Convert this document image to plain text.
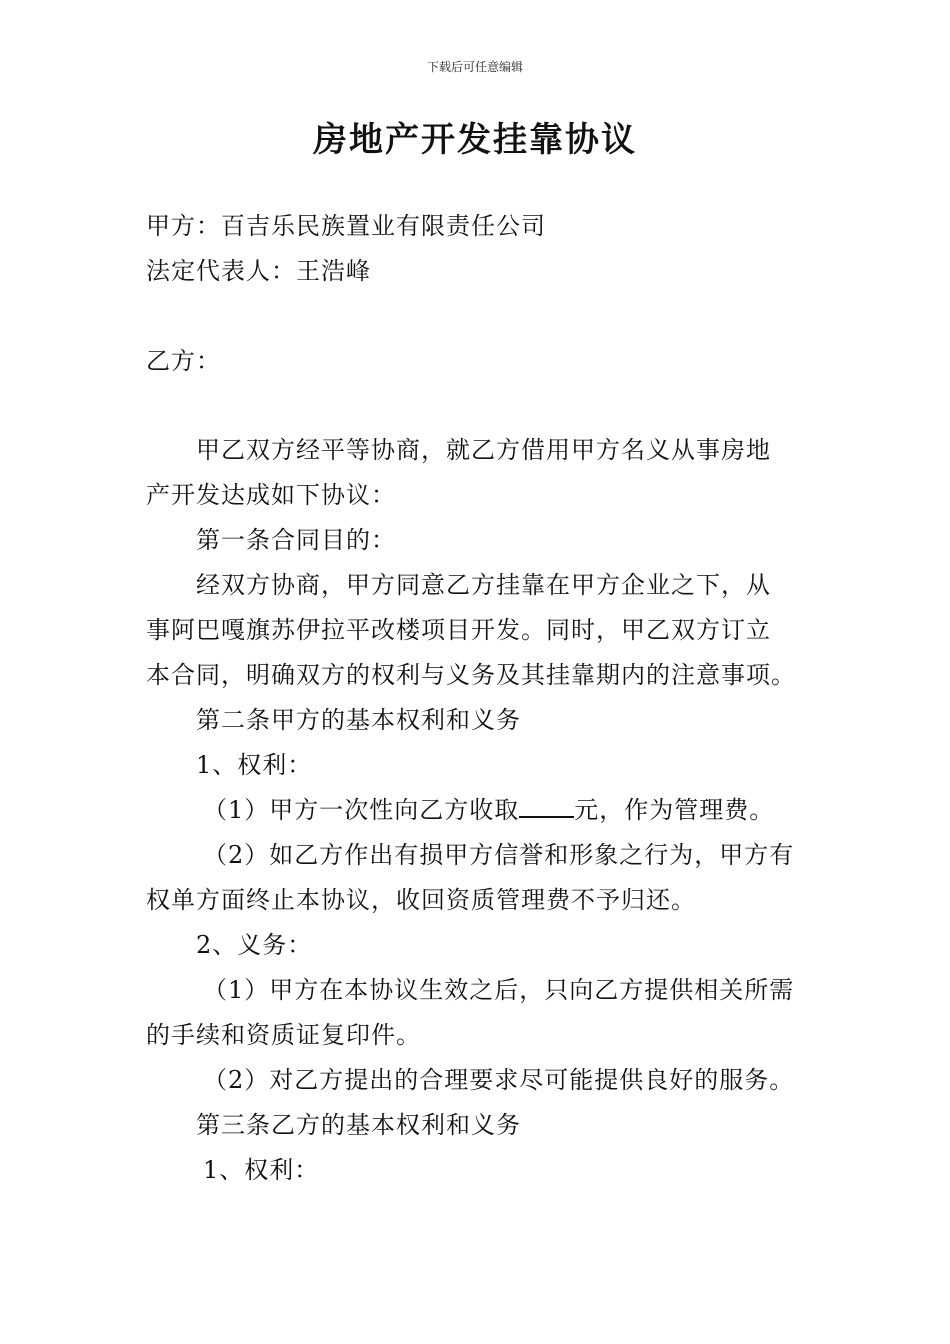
下载后可任意编辑
房地产开发挂靠协议
甲方：百吉乐民族置业有限责任公司
法定代表人：王浩峰
乙方：
甲乙双方经平等协商，就乙方借用甲方名义从事房地
产开发达成如下协议：
第一条合同目的：
经双方协商，甲方同意乙方挂靠在甲方企业之下，从
事阿巴嘎旗苏伊拉平改楼项目开发。同时，甲乙双方订立
本合同，明确双方的权利与义务及其挂靠期内的注意事项。
第二条甲方的基本权利和义务
1、权利：
（1）甲方一次性向乙方收取 元，作为管理费。
（2）如乙方作出有损甲方信誉和形象之行为，甲方有
权单方面终止本协议，收回资质管理费不予归还。
2、义务：
（1）甲方在本协议生效之后，只向乙方提供相关所需
的手续和资质证复印件。
（2）对乙方提出的合理要求尽可能提供良好的服务。
第三条乙方的基本权利和义务
1、权利：
